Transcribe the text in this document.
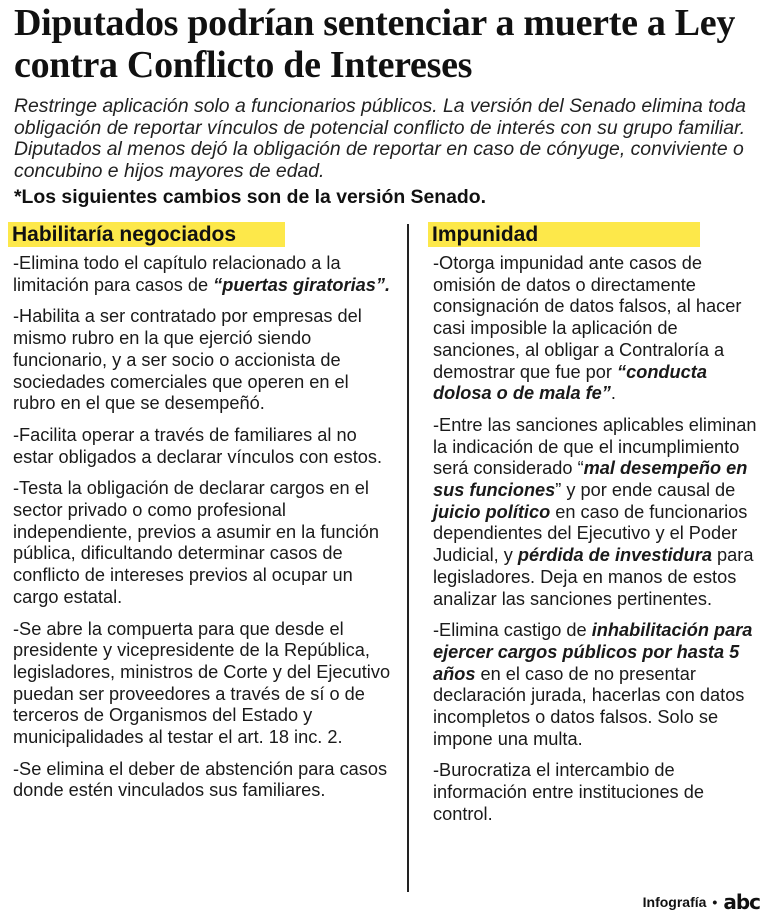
Diputados podrían sentenciar a muerte a Ley contra Conflicto de Intereses
Restringe aplicación solo a funcionarios públicos. La versión del Senado elimina toda obligación de reportar vínculos de potencial conflicto de interés con su grupo familiar. Diputados al menos dejó la obligación de reportar en caso de cónyuge, conviviente o concubino e hijos mayores de edad.
*Los siguientes cambios son de la versión Senado.
Habilitaría negociados	Impunidad

-Elimina todo el capítulo relacionado a la limitación para casos de “puertas giratorias”.

-Habilita a ser contratado por empresas del mismo rubro en la que ejerció siendo funcionario, y a ser socio o accionista de sociedades comerciales que operen en el rubro en el que se desempeñó.

-Facilita operar a través de familiares al no estar obligados a declarar vínculos con estos.

-Testa la obligación de declarar cargos en el sector privado o como profesional independiente, previos a asumir en la función pública, dificultando determinar casos de conflicto de intereses previos al ocupar un cargo estatal.

-Se abre la compuerta para que desde el presidente y vicepresidente de la República, legisladores, ministros de Corte y del Ejecutivo puedan ser proveedores a través de sí o de terceros de Organismos del Estado y municipalidades al testar el art. 18 inc. 2.

-Se elimina el deber de abstención para casos donde estén vinculados sus familiares.

-Otorga impunidad ante casos de omisión de datos o directamente consignación de datos falsos, al hacer casi imposible la aplicación de sanciones, al obligar a Contraloría a demostrar que fue por “conducta dolosa o de mala fe”.

-Entre las sanciones aplicables eliminan la indicación de que el incumplimiento será considerado “mal desempeño en sus funciones” y por ende causal de juicio político en caso de funcionarios dependientes del Ejecutivo y el Poder Judicial, y pérdida de investidura para legisladores. Deja en manos de estos analizar las sanciones pertinentes.

-Elimina castigo de inhabilitación para ejercer cargos públicos por hasta 5 años en el caso de no presentar declaración jurada, hacerlas con datos incompletos o datos falsos. Solo se impone una multa.

-Burocratiza el intercambio de información entre instituciones de control.

Infografía • abc
